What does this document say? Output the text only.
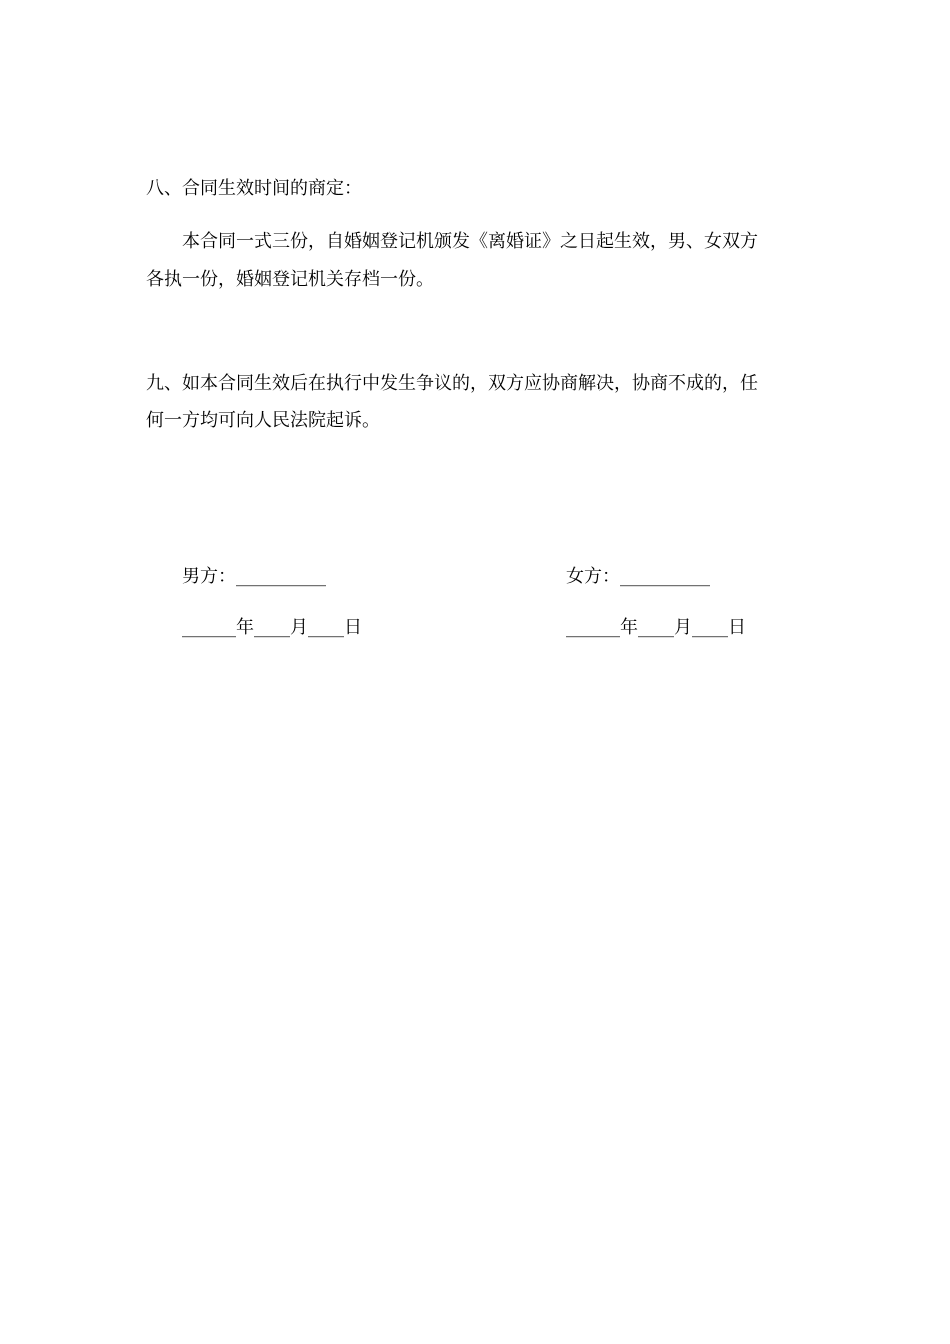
八、合同生效时间的商定：
本合同一式三份，自婚姻登记机颁发《离婚证》之日起生效，男、女双方
各执一份，婚姻登记机关存档一份。
九、如本合同生效后在执行中发生争议的，双方应协商解决，协商不成的，任
何一方均可向人民法院起诉。
男方：__________	女方：__________
______年____月____日	______年____月____日
